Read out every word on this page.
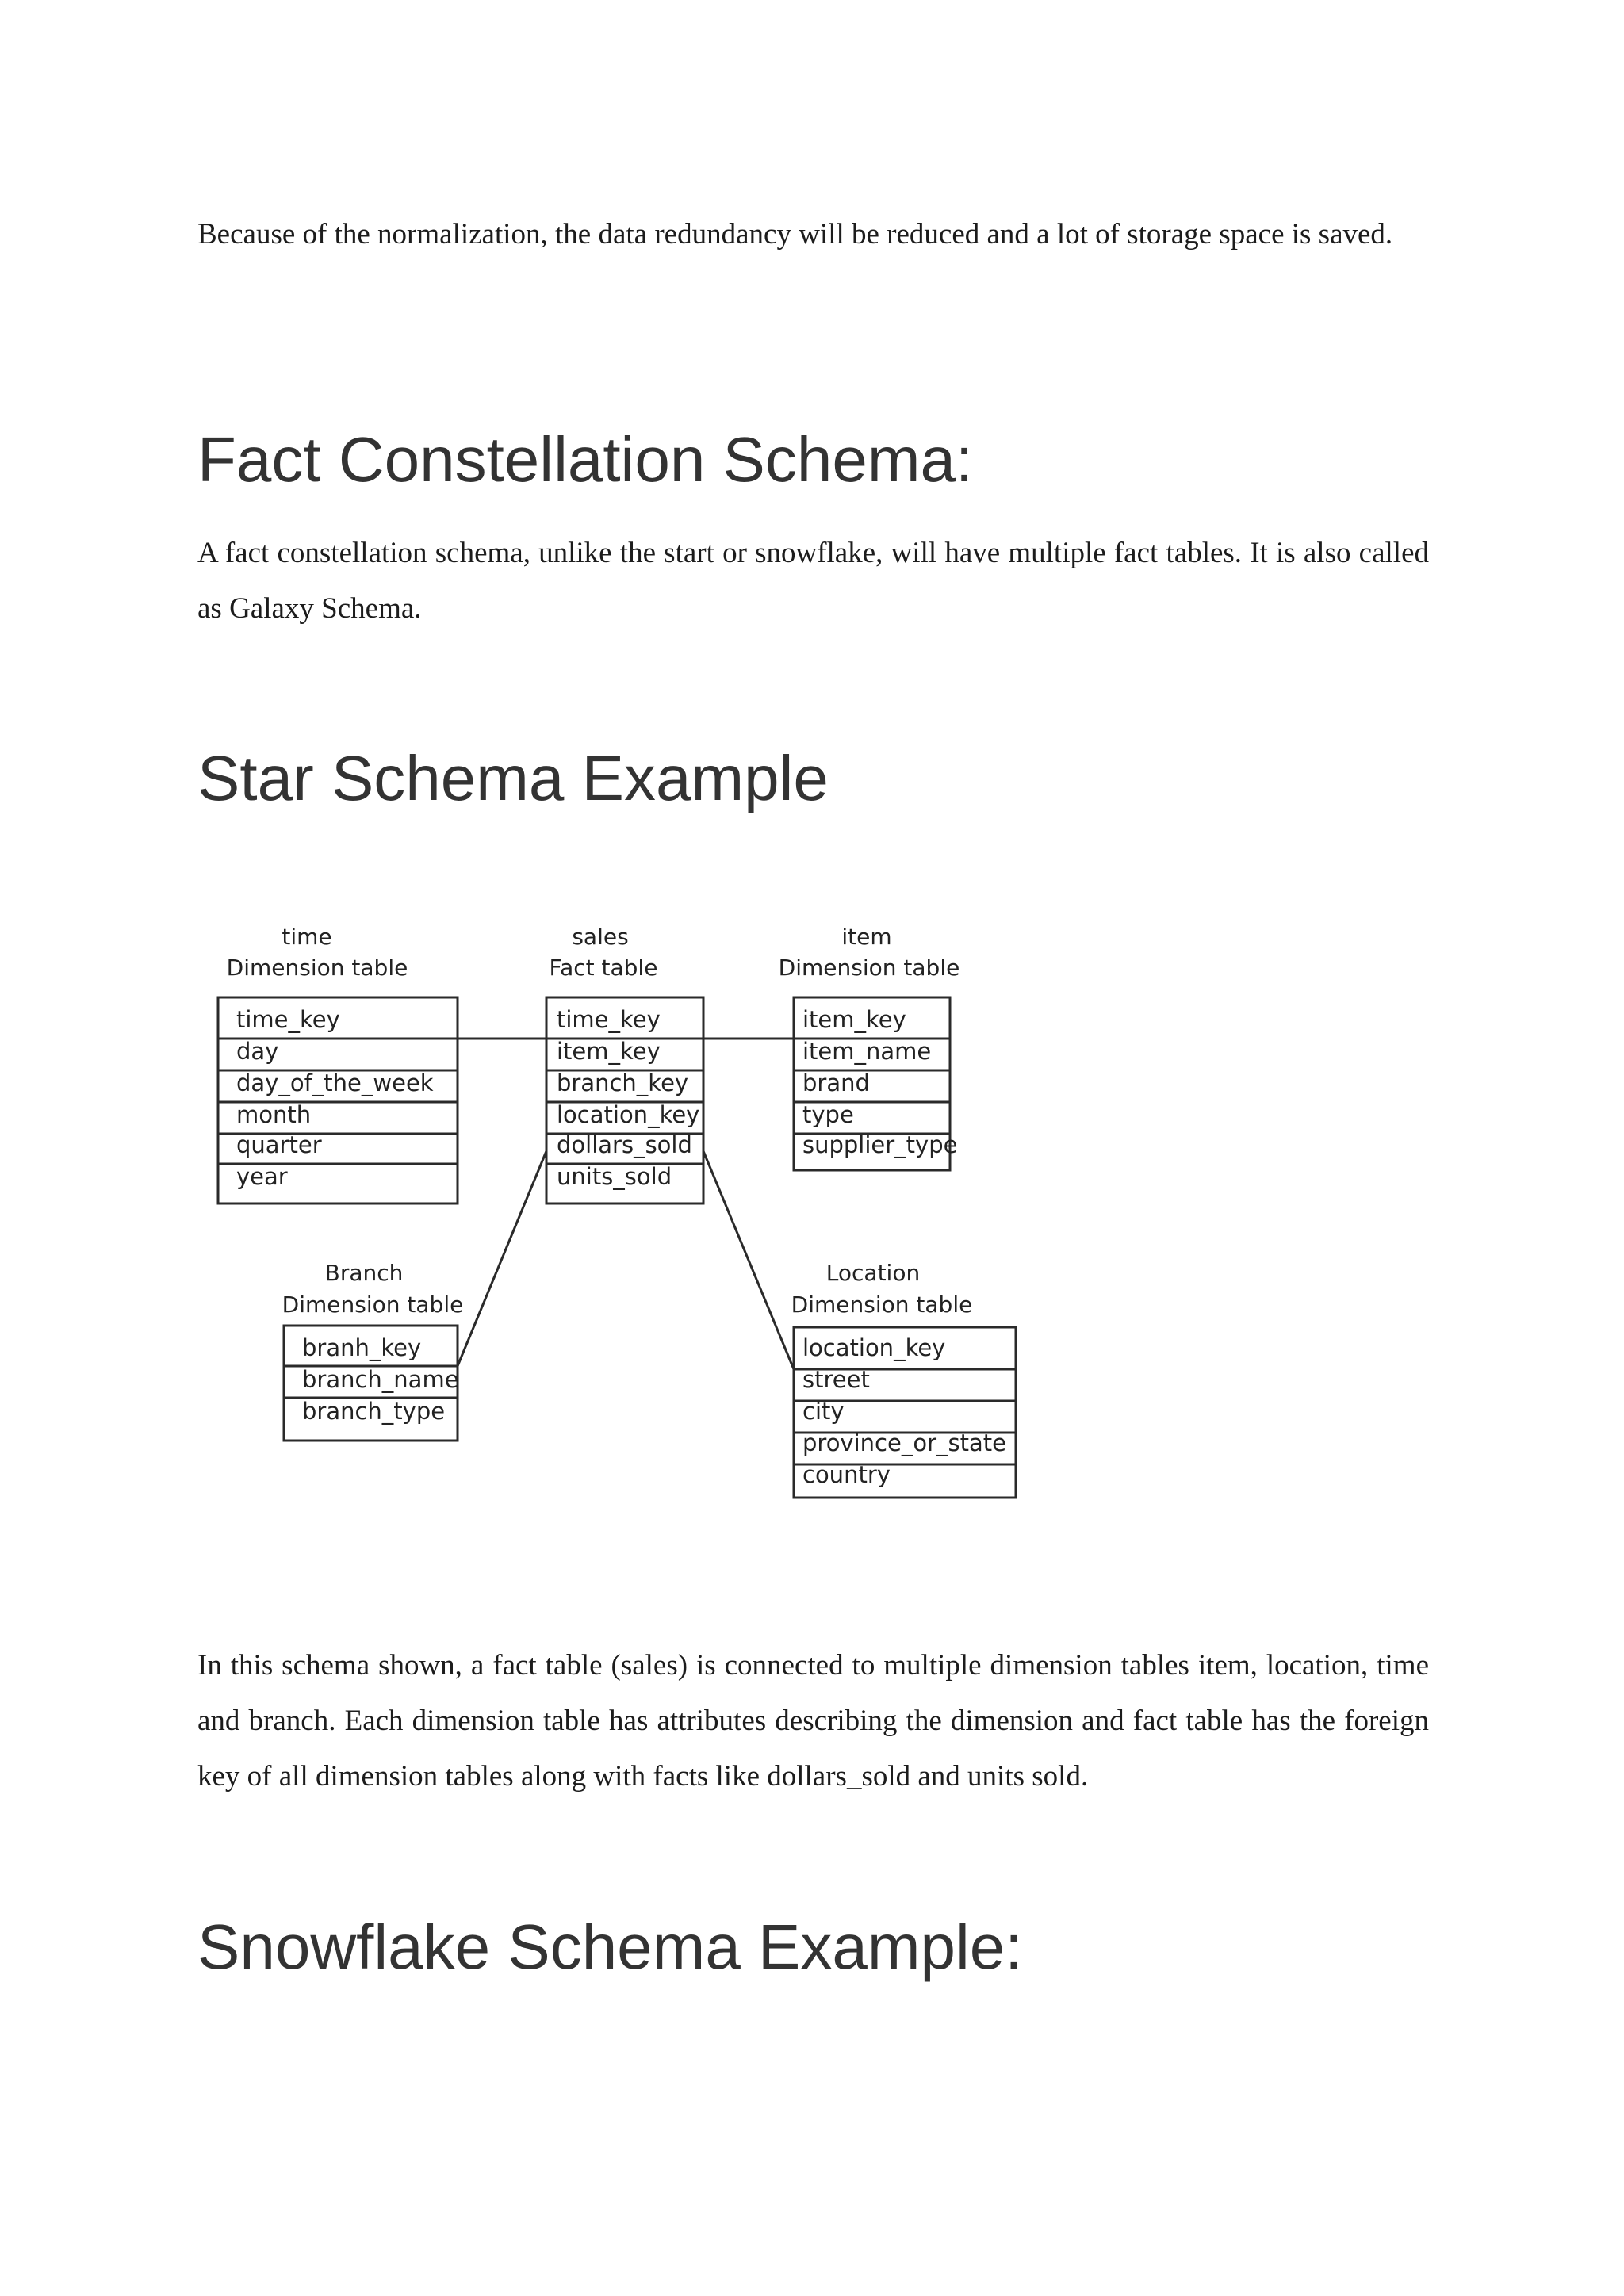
Because of the normalization, the data redundancy will be reduced and a lot of storage space is saved.

Fact Constellation Schema:

A fact constellation schema, unlike the start or snowflake, will have multiple fact tables. It is also called as Galaxy Schema.

Star Schema Example
time
Dimension table
time_key
day
day_of_the_week
month
quarter
year
sales
Fact table
time_key
item_key
branch_key
location_key
dollars_sold
units_sold
item
Dimension table
item_key
item_name
brand
type
supplier_type
Branch
Dimension table
branh_key
branch_name
branch_type
Location
Dimension table
location_key
street
city
province_or_state
country

In this schema shown, a fact table (sales) is connected to multiple dimension tables item, location, time and branch. Each dimension table has attributes describing the dimension and fact table has the foreign key of all dimension tables along with facts like dollars_sold and units sold.

Snowflake Schema Example:
